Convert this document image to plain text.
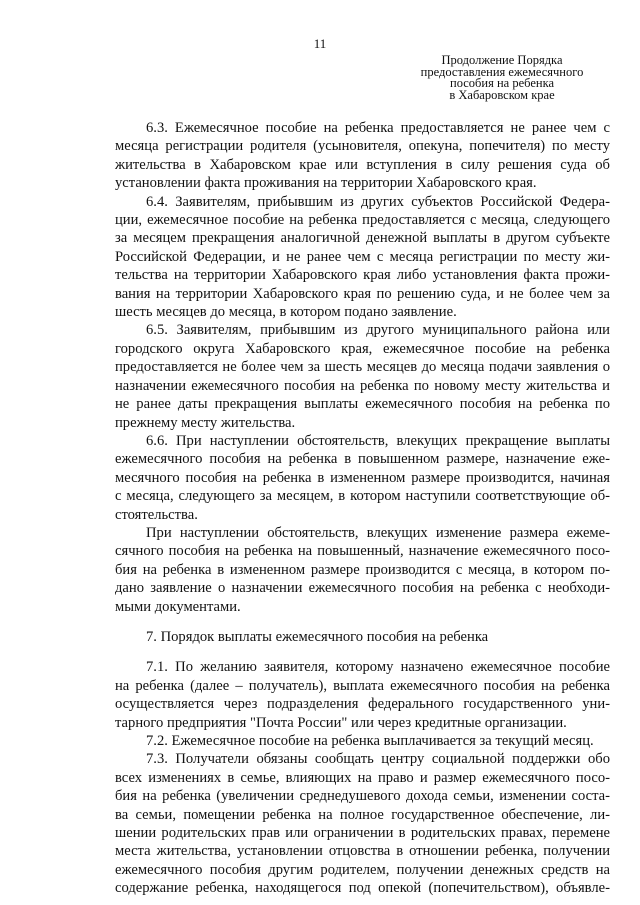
11
Продолжение Порядка
предоставления ежемесячного
пособия на ребенка
в Хабаровском крае

6.3. Ежемесячное пособие на ребенка предоставляется не ранее чем с
месяца регистрации родителя (усыновителя, опекуна, попечителя) по месту
жительства в Хабаровском крае или вступления в силу решения суда об
установлении факта проживания на территории Хабаровского края.

6.4. Заявителям, прибывшим из других субъектов Российской Федера-
ции, ежемесячное пособие на ребенка предоставляется с месяца, следующего
за месяцем прекращения аналогичной денежной выплаты в другом субъекте
Российской Федерации, и не ранее чем с месяца регистрации по месту жи-
тельства на территории Хабаровского края либо установления факта прожи-
вания на территории Хабаровского края по решению суда, и не более чем за
шесть месяцев до месяца, в котором подано заявление.

6.5. Заявителям, прибывшим из другого муниципального района или
городского округа Хабаровского края, ежемесячное пособие на ребенка
предоставляется не более чем за шесть месяцев до месяца подачи заявления о
назначении ежемесячного пособия на ребенка по новому месту жительства и
не ранее даты прекращения выплаты ежемесячного пособия на ребенка по
прежнему месту жительства.

6.6. При наступлении обстоятельств, влекущих прекращение выплаты
ежемесячного пособия на ребенка в повышенном размере, назначение еже-
месячного пособия на ребенка в измененном размере производится, начиная
с месяца, следующего за месяцем, в котором наступили соответствующие об-
стоятельства.

При наступлении обстоятельств, влекущих изменение размера ежеме-
сячного пособия на ребенка на повышенный, назначение ежемесячного посо-
бия на ребенка в измененном размере производится с месяца, в котором по-
дано заявление о назначении ежемесячного пособия на ребенка с необходи-
мыми документами.

7. Порядок выплаты ежемесячного пособия на ребенка

7.1. По желанию заявителя, которому назначено ежемесячное пособие
на ребенка (далее – получатель), выплата ежемесячного пособия на ребенка
осуществляется через подразделения федерального государственного уни-
тарного предприятия "Почта России" или через кредитные организации.

7.2. Ежемесячное пособие на ребенка выплачивается за текущий месяц.

7.3. Получатели обязаны сообщать центру социальной поддержки обо
всех изменениях в семье, влияющих на право и размер ежемесячного посо-
бия на ребенка (увеличении среднедушевого дохода семьи, изменении соста-
ва семьи, помещении ребенка на полное государственное обеспечение, ли-
шении родительских прав или ограничении в родительских правах, перемене
места жительства, установлении отцовства в отношении ребенка, получении
ежемесячного пособия другим родителем, получении денежных средств на
содержание ребенка, находящегося под опекой (попечительством), объявле-
